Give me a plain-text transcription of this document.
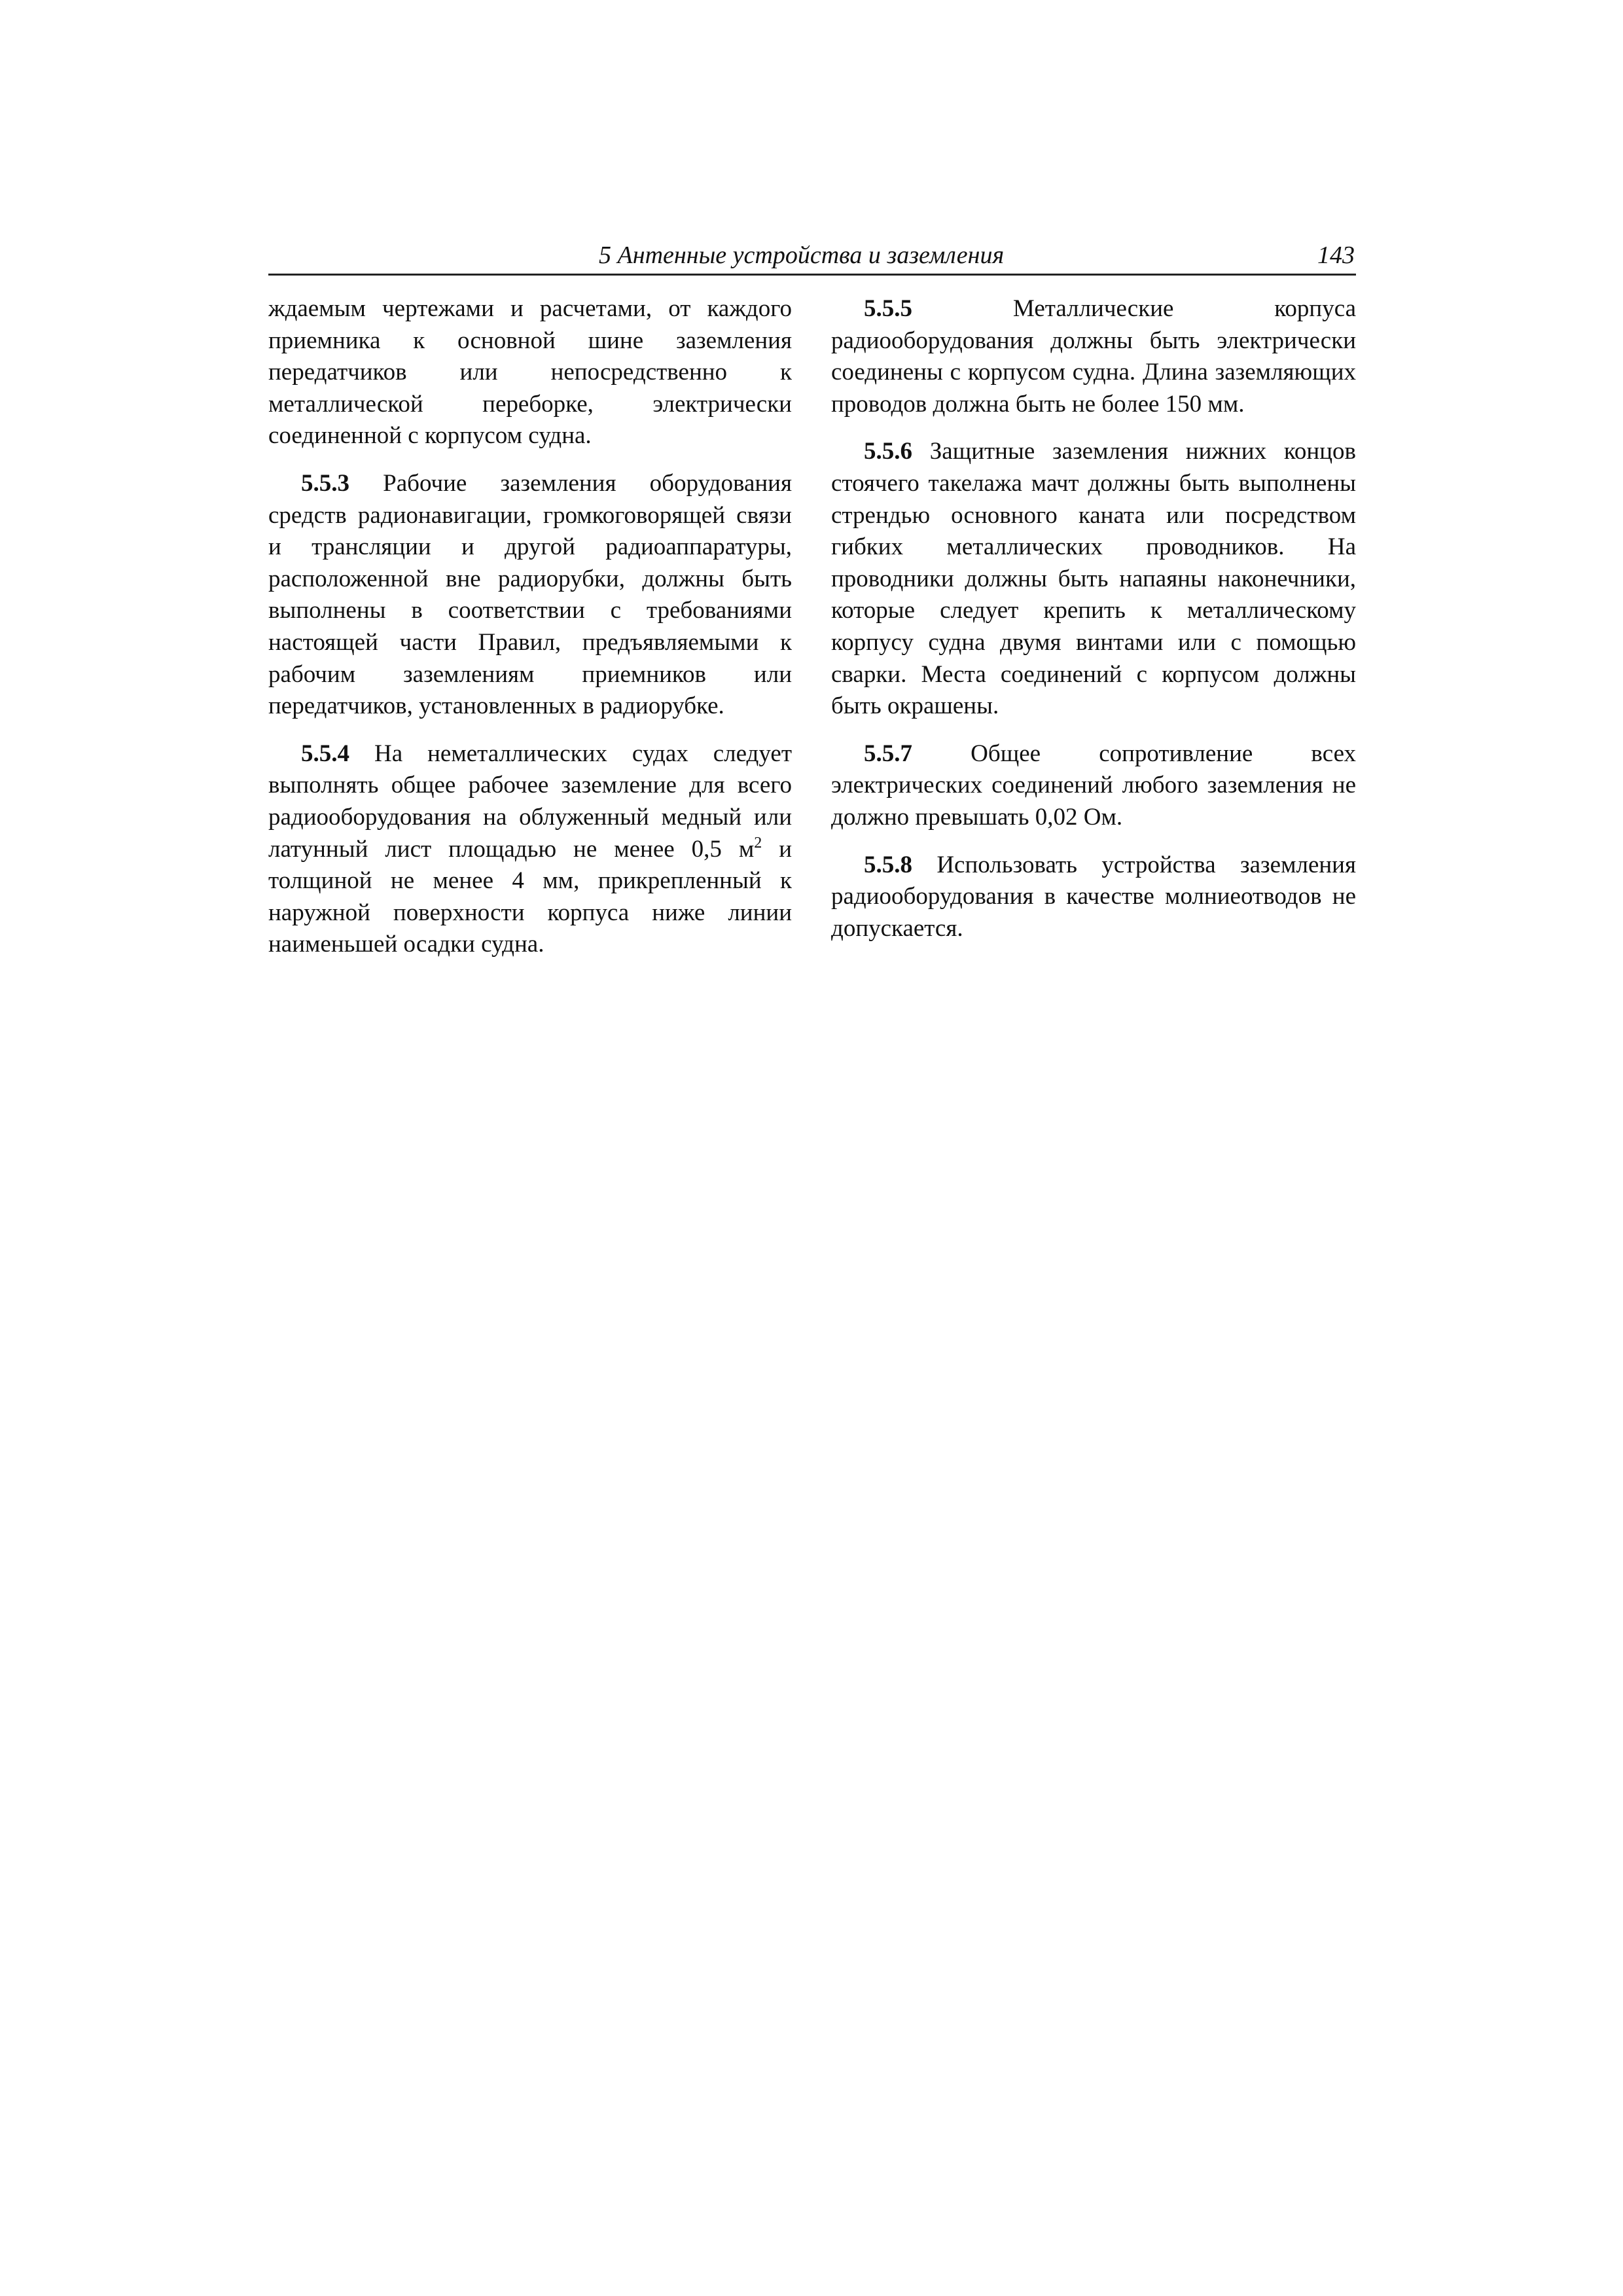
5 Антенные устройства и заземления	143

ждаемым чертежами и расчетами, от каждого приемника к основной шине заземления передатчиков или непосредственно к металлической переборке, электрически соединенной с корпусом судна.

5.5.3 Рабочие заземления оборудования средств радионавигации, громкоговорящей связи и трансляции и другой радиоаппаратуры, расположенной вне радиорубки, должны быть выполнены в соответствии с требованиями настоящей части Правил, предъявляемыми к рабочим заземлениям приемников или передатчиков, установленных в радиорубке.

5.5.4 На неметаллических судах следует выполнять общее рабочее заземление для всего радиооборудования на облуженный медный или латунный лист площадью не менее 0,5 $м^2$ и толщиной не менее 4 мм, прикрепленный к наружной поверхности корпуса ниже линии наименьшей осадки судна.

5.5.5	Металлические корпуса радиооборудования должны быть электрически соединены с корпусом судна. Длина заземляющих проводов должна быть не более 150 мм.

5.5.6 Защитные заземления нижних концов стоячего такелажа мачт должны быть выполнены стрендью основного каната или посредством гибких металлических проводников. На проводники должны быть напаяны наконечники, которые следует крепить к металлическому корпусу судна двумя винтами или с помощью сварки. Места соединений с корпусом должны быть окрашены.

5.5.7 Общее сопротивление всех электрических соединений любого заземления не должно превышать 0,02 Ом.

5.5.8 Использовать устройства заземления радиооборудования в качестве молниеотводов не допускается.
